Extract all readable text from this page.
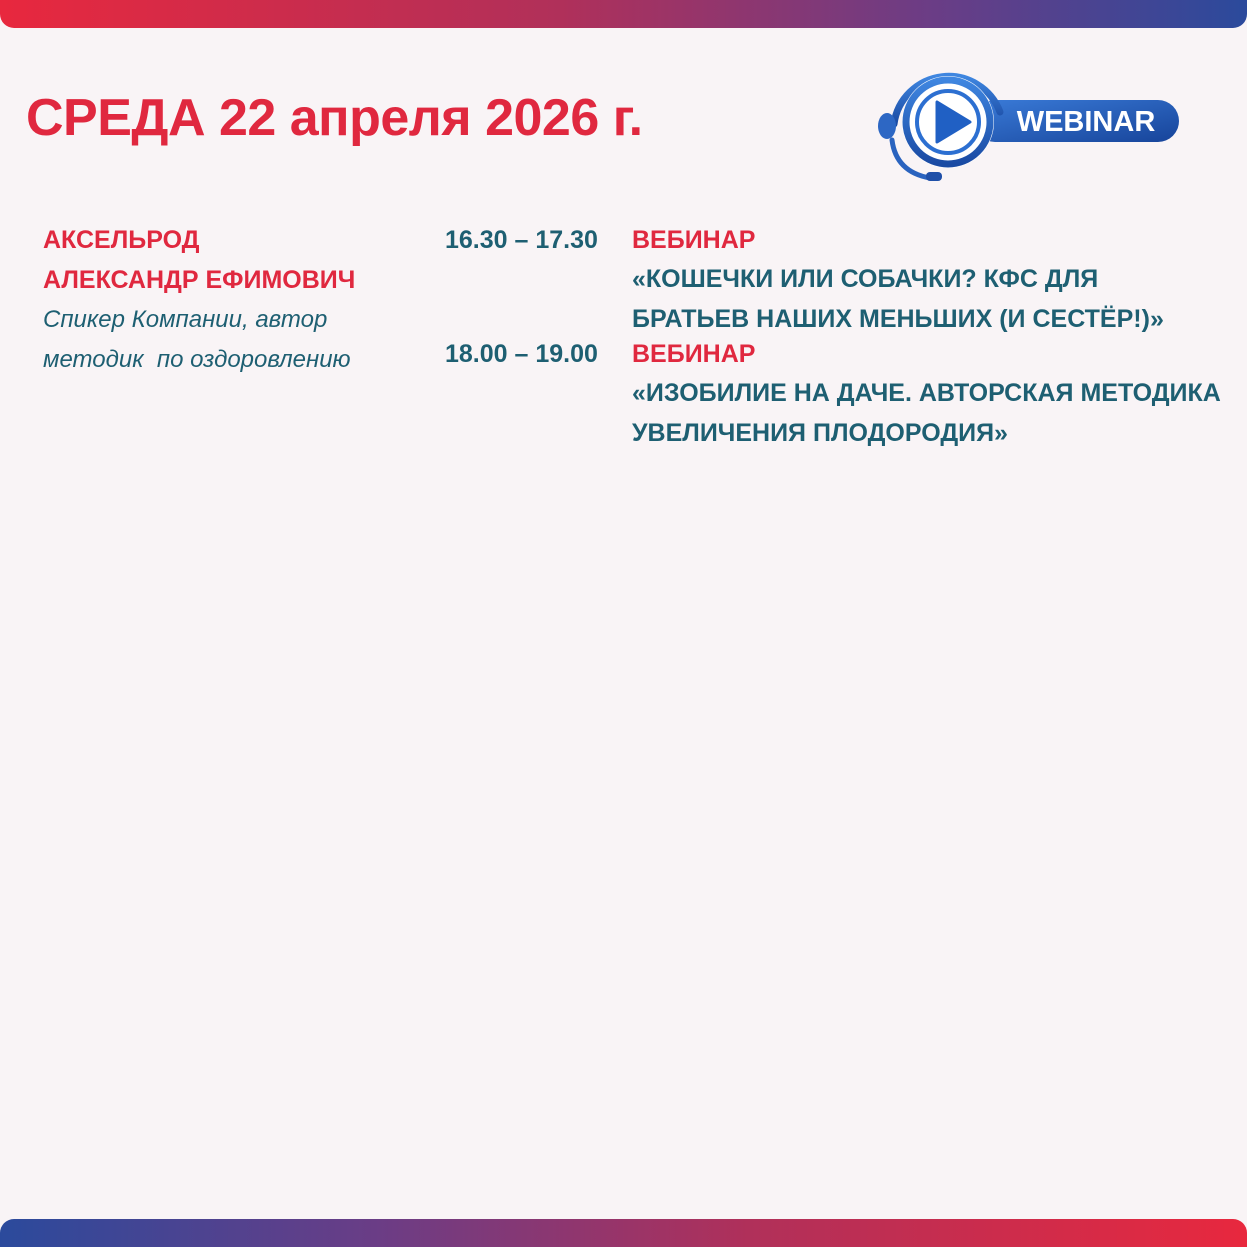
СРЕДА 22 апреля 2026 г.	WEBINAR
АКСЕЛЬРОД
АЛЕКСАНДР ЕФИМОВИЧ
Спикер Компании, автор
методик  по оздоровлению
16.30 – 17.30 ВЕБИНАР
«КОШЕЧКИ ИЛИ СОБАЧКИ? КФС ДЛЯ
БРАТЬЕВ НАШИХ МЕНЬШИХ (И СЕСТЁР!)»
18.00 – 19.00 ВЕБИНАР
«ИЗОБИЛИЕ НА ДАЧЕ. АВТОРСКАЯ МЕТОДИКА
УВЕЛИЧЕНИЯ ПЛОДОРОДИЯ»
